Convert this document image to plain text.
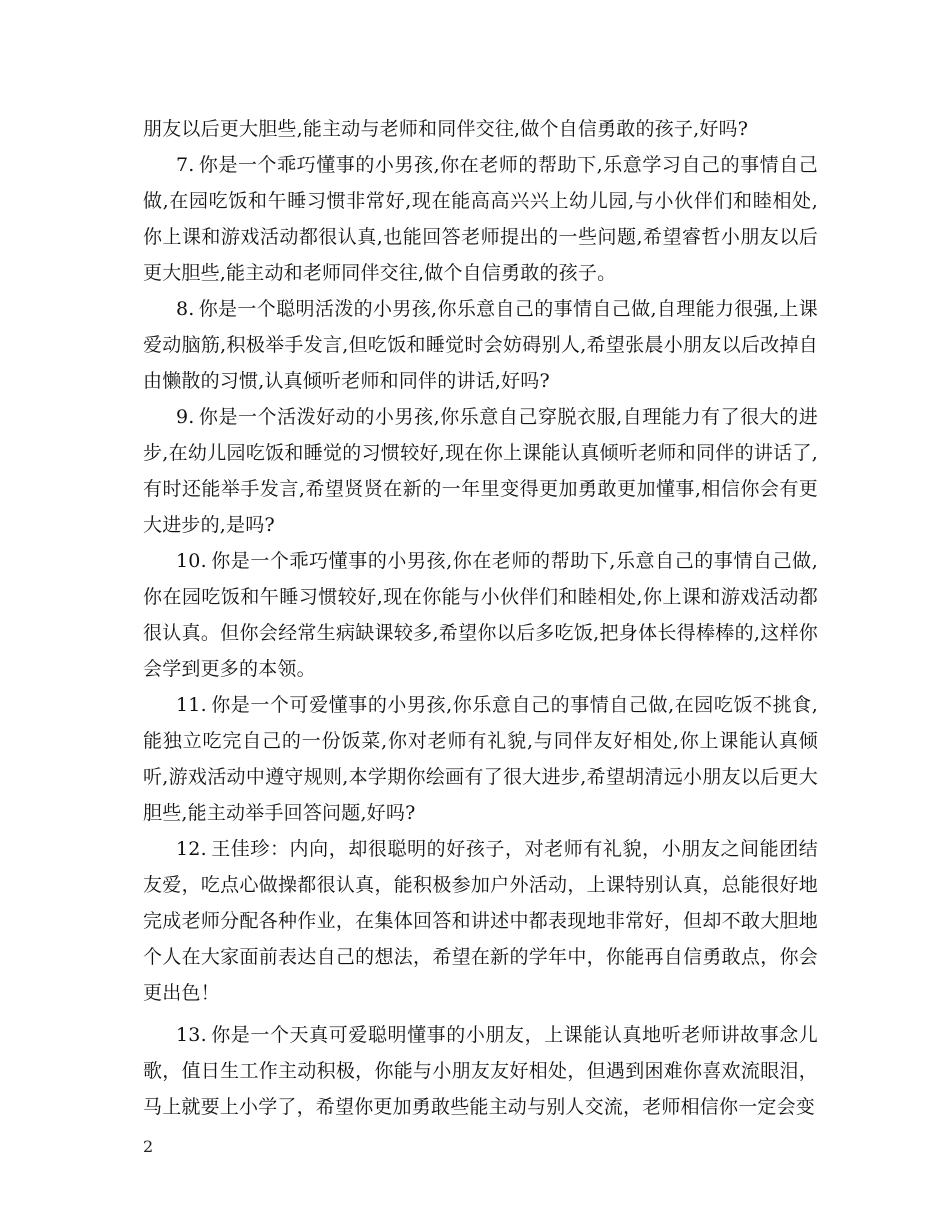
朋友以后更大胆些,能主动与老师和同伴交往,做个自信勇敢的孩子,好吗?

7. 你是一个乖巧懂事的小男孩,你在老师的帮助下,乐意学习自己的事情自己做,在园吃饭和午睡习惯非常好,现在能高高兴兴上幼儿园,与小伙伴们和睦相处,你上课和游戏活动都很认真,也能回答老师提出的一些问题,希望睿哲小朋友以后更大胆些,能主动和老师同伴交往,做个自信勇敢的孩子。

8. 你是一个聪明活泼的小男孩,你乐意自己的事情自己做,自理能力很强,上课爱动脑筋,积极举手发言,但吃饭和睡觉时会妨碍别人,希望张晨小朋友以后改掉自由懒散的习惯,认真倾听老师和同伴的讲话,好吗?

9. 你是一个活泼好动的小男孩,你乐意自己穿脱衣服,自理能力有了很大的进步,在幼儿园吃饭和睡觉的习惯较好,现在你上课能认真倾听老师和同伴的讲话了,有时还能举手发言,希望贤贤在新的一年里变得更加勇敢更加懂事,相信你会有更大进步的,是吗?

10. 你是一个乖巧懂事的小男孩,你在老师的帮助下,乐意自己的事情自己做,你在园吃饭和午睡习惯较好,现在你能与小伙伴们和睦相处,你上课和游戏活动都很认真。但你会经常生病缺课较多,希望你以后多吃饭,把身体长得棒棒的,这样你会学到更多的本领。

11. 你是一个可爱懂事的小男孩,你乐意自己的事情自己做,在园吃饭不挑食,能独立吃完自己的一份饭菜,你对老师有礼貌,与同伴友好相处,你上课能认真倾听,游戏活动中遵守规则,本学期你绘画有了很大进步,希望胡清远小朋友以后更大胆些,能主动举手回答问题,好吗?

12. 王佳珍：内向，却很聪明的好孩子，对老师有礼貌，小朋友之间能团结友爱，吃点心做操都很认真，能积极参加户外活动，上课特别认真，总能很好地完成老师分配各种作业，在集体回答和讲述中都表现地非常好，但却不敢大胆地个人在大家面前表达自己的想法，希望在新的学年中，你能再自信勇敢点，你会更出色！

13. 你是一个天真可爱聪明懂事的小朋友，上课能认真地听老师讲故事念儿歌，值日生工作主动积极，你能与小朋友友好相处，但遇到困难你喜欢流眼泪，马上就要上小学了，希望你更加勇敢些能主动与别人交流，老师相信你一定会变

2
